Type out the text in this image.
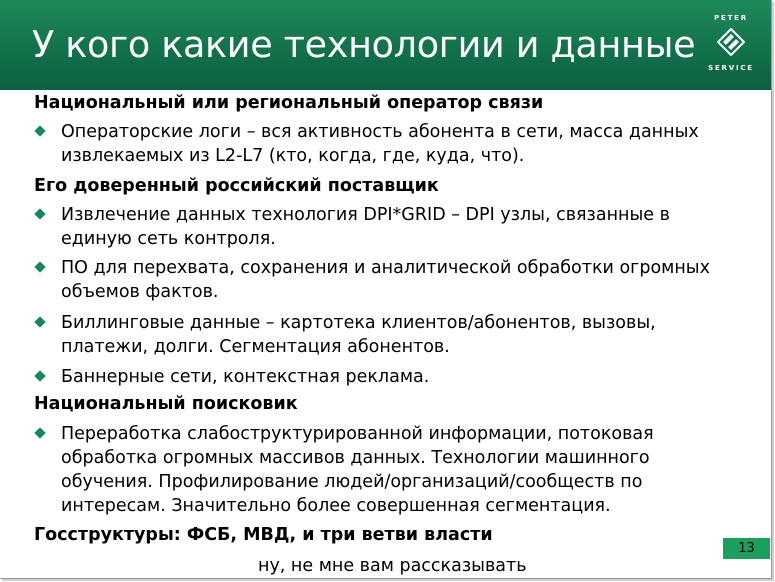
У кого какие технологии и данные
PETER
SERVICE
Национальный или региональный оператор связи
Операторские логи – вся активность абонента в сети, масса данных извлекаемых из L2-L7 (кто, когда, где, куда, что).
Его доверенный российский поставщик
Извлечение данных технология DPI*GRID – DPI узлы, связанные в единую сеть контроля.
ПО для перехвата, сохранения и аналитической обработки огромных объемов фактов.
Биллинговые данные – картотека клиентов/абонентов, вызовы, платежи, долги. Сегментация абонентов.
Баннерные сети, контекстная реклама.
Национальный поисковик
Переработка слабоструктурированной информации, потоковая обработка огромных массивов данных. Технологии машинного обучения. Профилирование людей/организаций/сообществ по интересам. Значительно более совершенная сегментация.
Госструктуры: ФСБ, МВД, и три ветви власти
13
ну, не мне вам рассказывать
